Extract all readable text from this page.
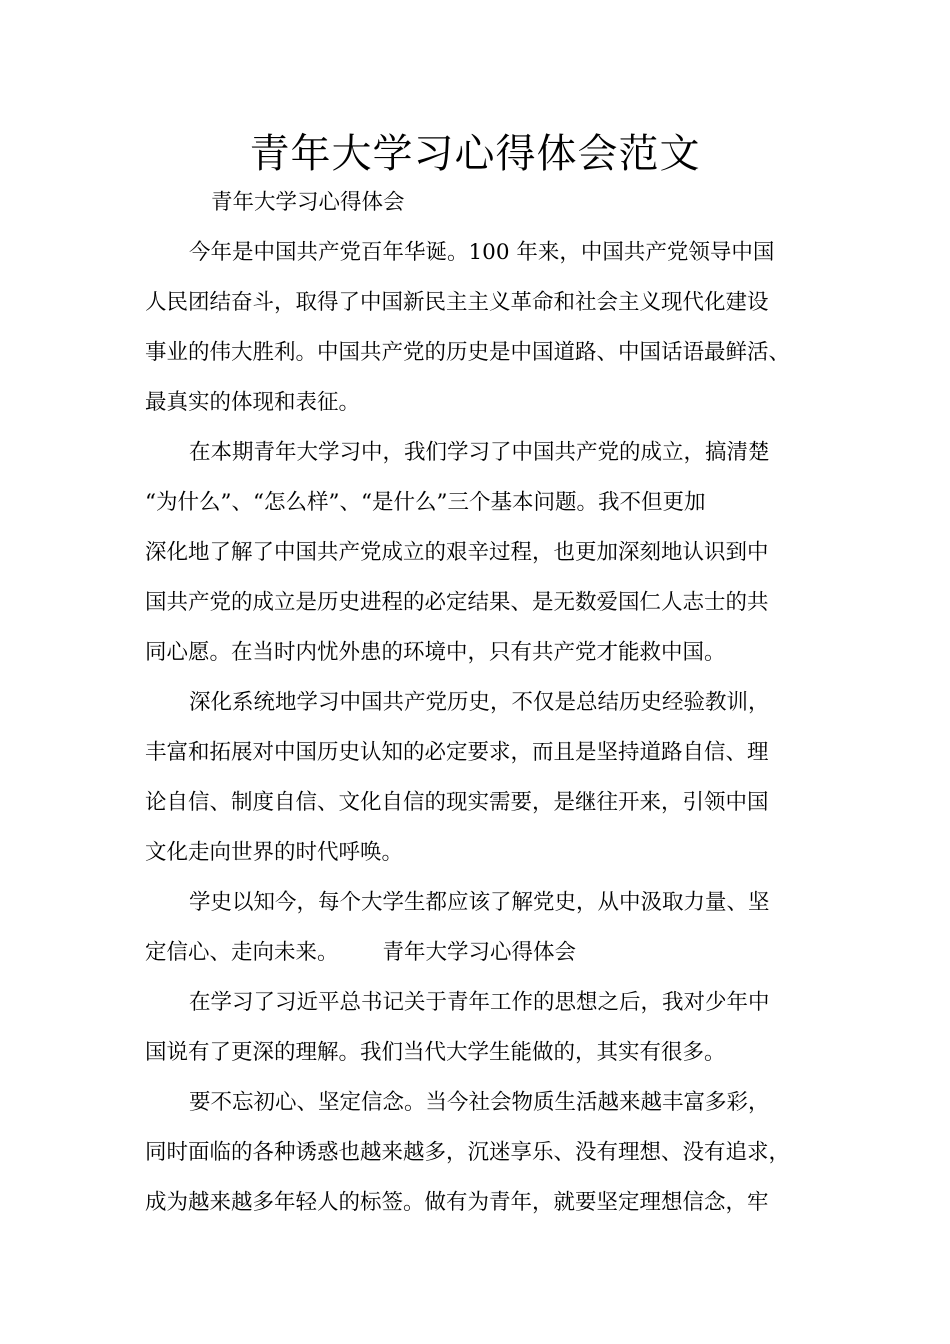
青年大学习心得体会范文
青年大学习心得体会
今年是中国共产党百年华诞。100 年来，中国共产党领导中国
人民团结奋斗，取得了中国新民主主义革命和社会主义现代化建设
事业的伟大胜利。中国共产党的历史是中国道路、中国话语最鲜活、
最真实的体现和表征。
在本期青年大学习中，我们学习了中国共产党的成立，搞清楚
“为什么”、“怎么样”、“是什么”三个基本问题。我不但更加
深化地了解了中国共产党成立的艰辛过程，也更加深刻地认识到中
国共产党的成立是历史进程的必定结果、是无数爱国仁人志士的共
同心愿。在当时内忧外患的环境中，只有共产党才能救中国。
深化系统地学习中国共产党历史，不仅是总结历史经验教训，
丰富和拓展对中国历史认知的必定要求，而且是坚持道路自信、理
论自信、制度自信、文化自信的现实需要，是继往开来，引领中国
文化走向世界的时代呼唤。
学史以知今，每个大学生都应该了解党史，从中汲取力量、坚
定信心、走向未来。 青年大学习心得体会
在学习了习近平总书记关于青年工作的思想之后，我对少年中
国说有了更深的理解。我们当代大学生能做的，其实有很多。
要不忘初心、坚定信念。当今社会物质生活越来越丰富多彩，
同时面临的各种诱惑也越来越多，沉迷享乐、没有理想、没有追求，
成为越来越多年轻人的标签。做有为青年，就要坚定理想信念，牢
